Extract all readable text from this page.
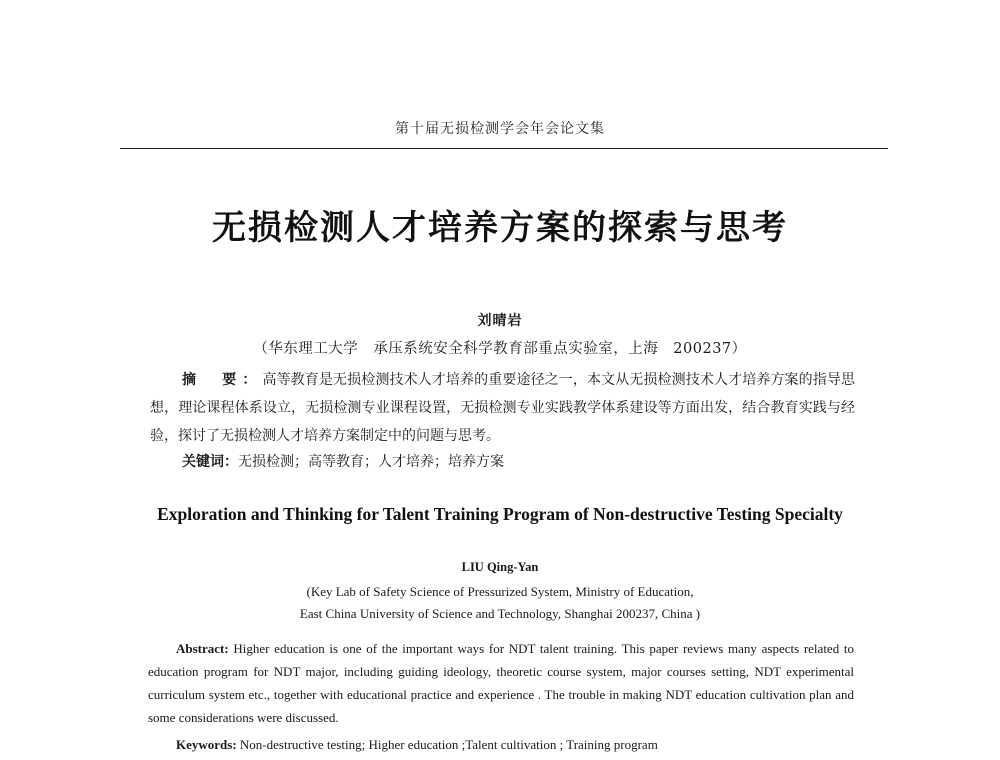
第十届无损检测学会年会论文集
无损检测人才培养方案的探索与思考
刘晴岩
（华东理工大学　承压系统安全科学教育部重点实验室，上海　200237）
摘　要：高等教育是无损检测技术人才培养的重要途径之一，本文从无损检测技术人才培养方案的指导思想，理论课程体系设立，无损检测专业课程设置，无损检测专业实践教学体系建设等方面出发，结合教育实践与经验，探讨了无损检测人才培养方案制定中的问题与思考。
关键词：无损检测；高等教育；人才培养；培养方案
Exploration and Thinking for Talent Training Program of Non-destructive Testing Specialty
LIU Qing-Yan
(Key Lab of Safety Science of Pressurized System, Ministry of Education,
East China University of Science and Technology, Shanghai 200237, China )
Abstract: Higher education is one of the important ways for NDT talent training. This paper reviews many aspects related to education program for NDT major, including guiding ideology, theoretic course system, major courses setting, NDT experimental curriculum system etc., together with educational practice and experience . The trouble in making NDT education cultivation plan and some considerations were discussed.
Keywords: Non-destructive testing; Higher education ;Talent cultivation ; Training program
